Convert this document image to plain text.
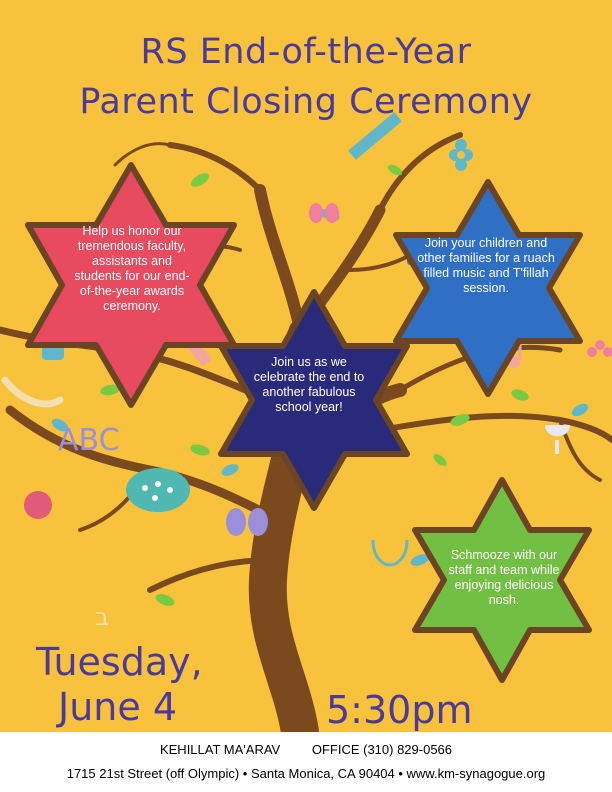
RS End-of-the-Year
Parent Closing Ceremony
ABC
ב
Help us honor our tremendous faculty, assistants and students for our end-of-the-year awards ceremony.
Join your children and other families for a ruach filled music and T'fillah session.
Join us as we celebrate the end to another fabulous school year!
Schmooze with our staff and team while enjoying delicious nosh.
Tuesday,
June 4	5:30pm
KEHILLAT MA'ARAV OFFICE (310) 829-0566
1715 21st Street (off Olympic) • Santa Monica, CA 90404 • www.km-synagogue.org
